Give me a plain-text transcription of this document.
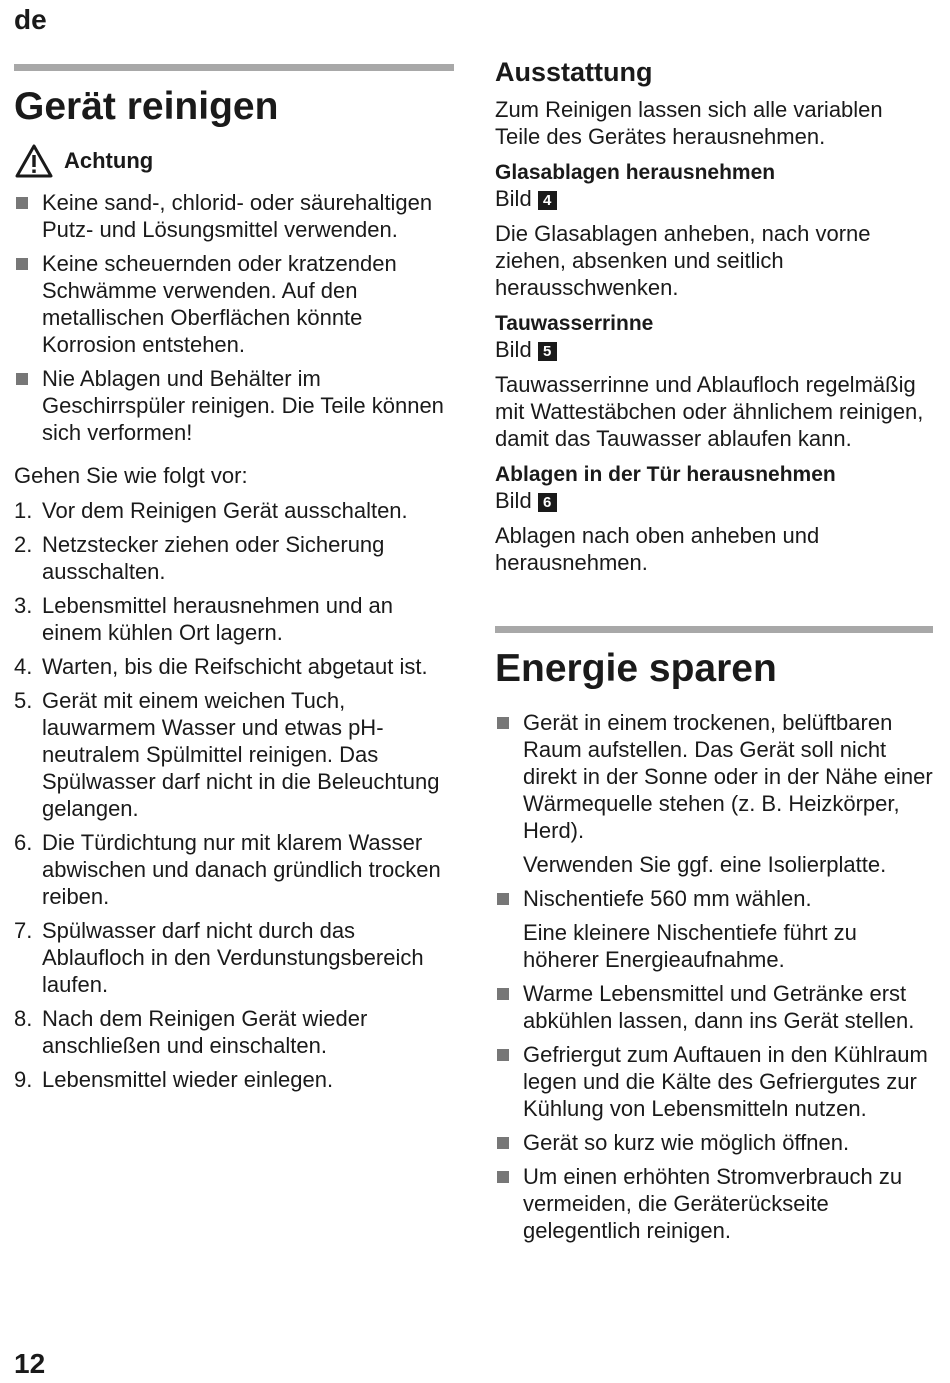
de
Gerät reinigen
Achtung
Keine sand-, chlorid- oder säurehaltigen Putz- und Lösungsmittel verwenden.
Keine scheuernden oder kratzenden Schwämme verwenden. Auf den metallischen Oberflächen könnte Korrosion entstehen.
Nie Ablagen und Behälter im Geschirrspüler reinigen. Die Teile können sich verformen!

Gehen Sie wie folgt vor:

1. Vor dem Reinigen Gerät ausschalten.
2. Netzstecker ziehen oder Sicherung ausschalten.
3. Lebensmittel herausnehmen und an einem kühlen Ort lagern.
4. Warten, bis die Reifschicht abgetaut ist.
5. Gerät mit einem weichen Tuch, lauwarmem Wasser und etwas pH-neutralem Spülmittel reinigen. Das Spülwasser darf nicht in die Beleuchtung gelangen.
6. Die Türdichtung nur mit klarem Wasser abwischen und danach gründlich trocken reiben.
7. Spülwasser darf nicht durch das Ablaufloch in den Verdunstungsbereich laufen.
8. Nach dem Reinigen Gerät wieder anschließen und einschalten.
9. Lebensmittel wieder einlegen.
Ausstattung

Zum Reinigen lassen sich alle variablen Teile des Gerätes herausnehmen.

Glasablagen herausnehmen
Bild 4

Die Glasablagen anheben, nach vorne ziehen, absenken und seitlich herausschwenken.

Tauwasserrinne
Bild 5

Tauwasserrinne und Ablaufloch regelmäßig mit Wattestäbchen oder ähnlichem reinigen, damit das Tauwasser ablaufen kann.

Ablagen in der Tür herausnehmen
Bild 6

Ablagen nach oben anheben und herausnehmen.

Energie sparen
Gerät in einem trockenen, belüftbaren Raum aufstellen. Das Gerät soll nicht direkt in der Sonne oder in der Nähe einer Wärmequelle stehen (z. B. Heizkörper, Herd).

Verwenden Sie ggf. eine Isolierplatte.

Nischentiefe 560 mm wählen.

Eine kleinere Nischentiefe führt zu höherer Energieaufnahme.

Warme Lebensmittel und Getränke erst abkühlen lassen, dann ins Gerät stellen.
Gefriergut zum Auftauen in den Kühlraum legen und die Kälte des Gefriergutes zur Kühlung von Lebensmitteln nutzen.
Gerät so kurz wie möglich öffnen.
Um einen erhöhten Stromverbrauch zu vermeiden, die Geräterückseite gelegentlich reinigen.
12
